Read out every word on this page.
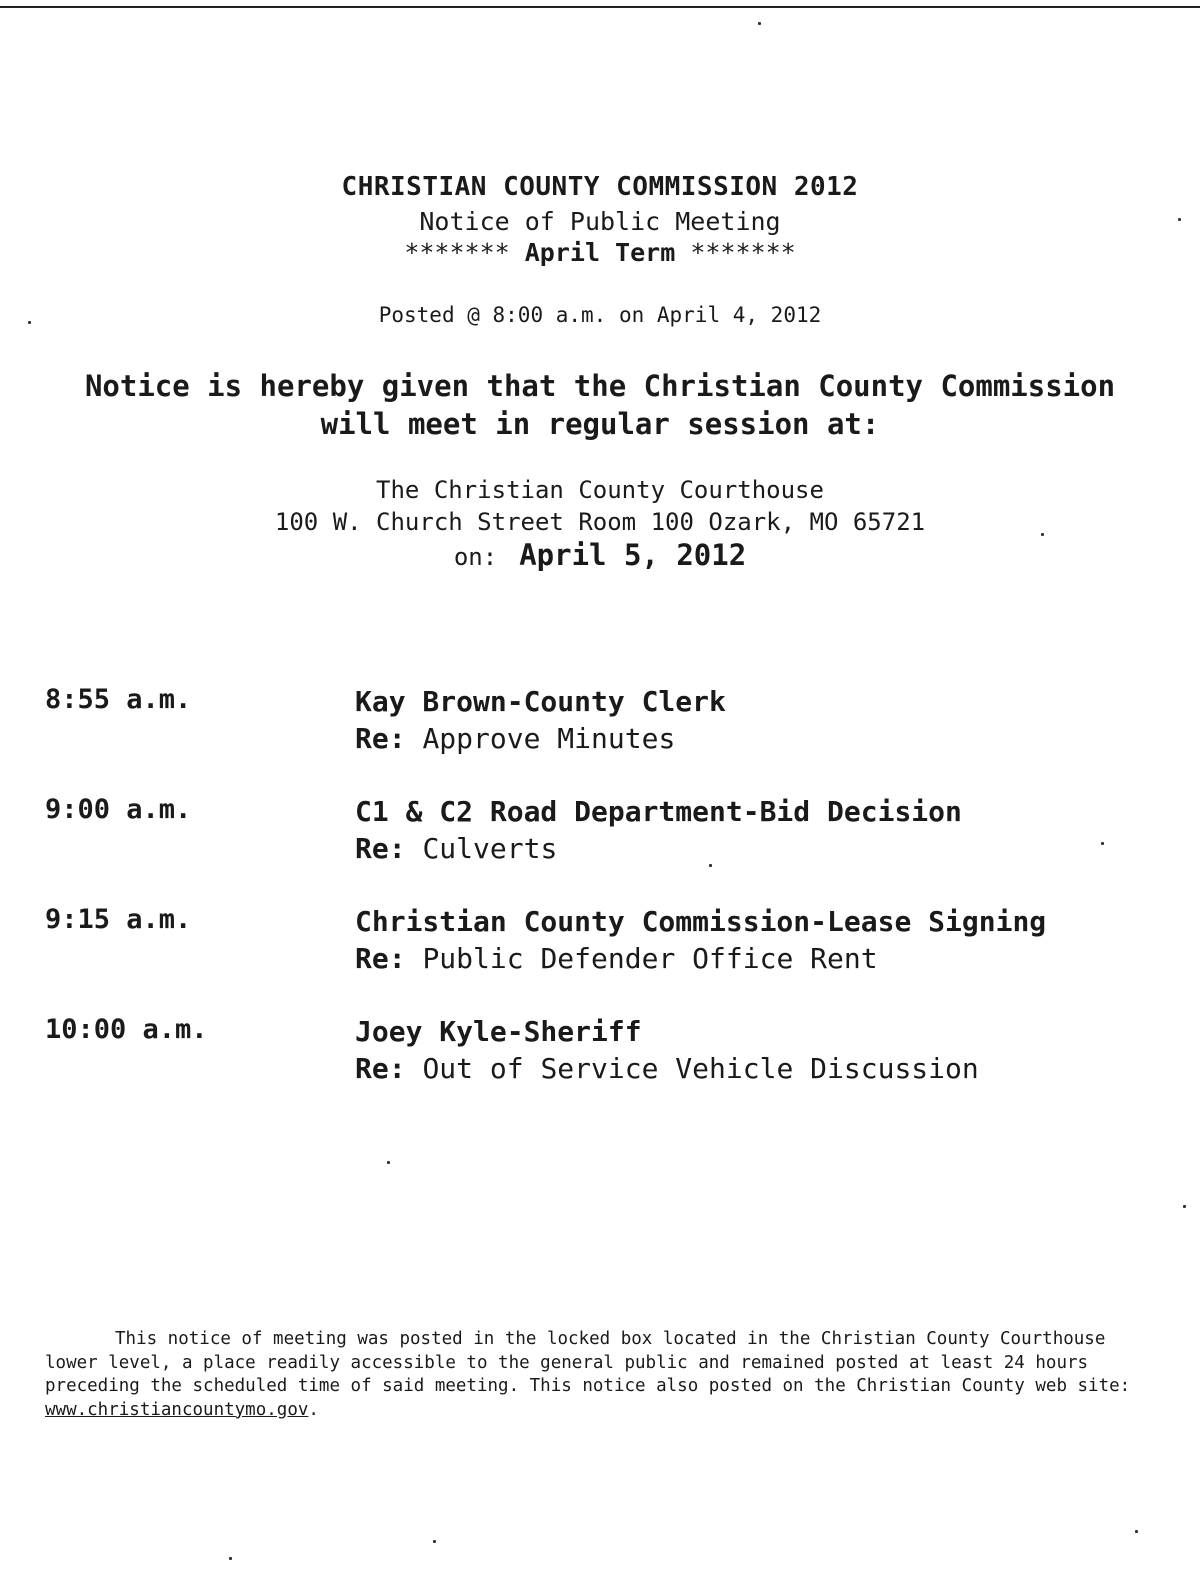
CHRISTIAN COUNTY COMMISSION 2012
Notice of Public Meeting
******* April Term *******
Posted @ 8:00 a.m. on April 4, 2012
Notice is hereby given that the Christian County Commission
will meet in regular session at:
The Christian County Courthouse
100 W. Church Street Room 100 Ozark, MO 65721
on: April 5, 2012
8:55 a.m.	Kay Brown-County Clerk
Re: Approve Minutes
9:00 a.m.	C1 & C2 Road Department-Bid Decision
Re: Culverts
9:15 a.m.	Christian County Commission-Lease Signing
Re: Public Defender Office Rent
10:00 a.m.	Joey Kyle-Sheriff
Re: Out of Service Vehicle Discussion
This notice of meeting was posted in the locked box located in the Christian County Courthouse lower level, a place readily accessible to the general public and remained posted at least 24 hours preceding the scheduled time of said meeting. This notice also posted on the Christian County web site: www.christiancountymo.gov.
